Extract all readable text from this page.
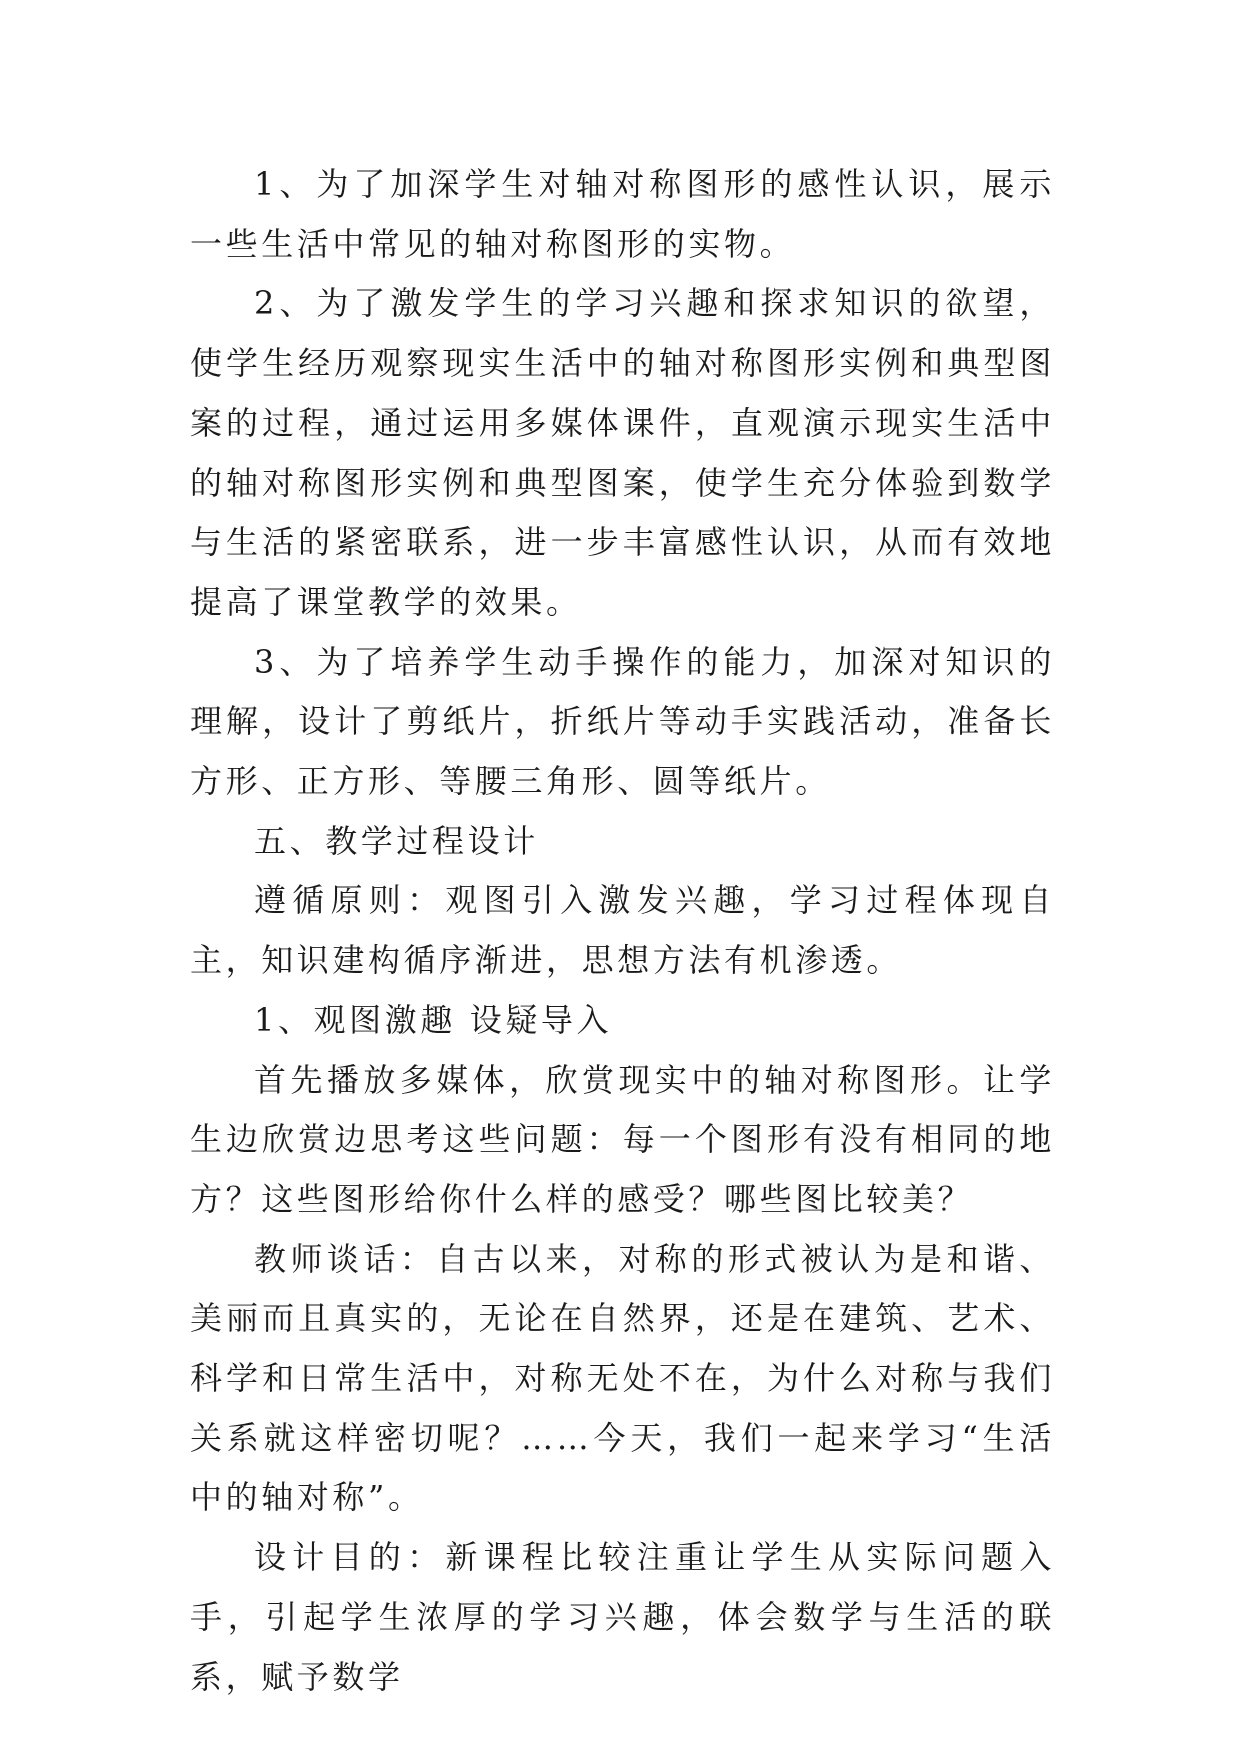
1、为了加深学生对轴对称图形的感性认识，展示一些生活中常见的轴对称图形的实物。

2、为了激发学生的学习兴趣和探求知识的欲望，使学生经历观察现实生活中的轴对称图形实例和典型图案的过程，通过运用多媒体课件，直观演示现实生活中的轴对称图形实例和典型图案，使学生充分体验到数学与生活的紧密联系，进一步丰富感性认识，从而有效地提高了课堂教学的效果。

3、为了培养学生动手操作的能力，加深对知识的理解，设计了剪纸片，折纸片等动手实践活动，准备长方形、正方形、等腰三角形、圆等纸片。

五、教学过程设计

遵循原则：观图引入激发兴趣，学习过程体现自主，知识建构循序渐进，思想方法有机渗透。

1、观图激趣 设疑导入

首先播放多媒体，欣赏现实中的轴对称图形。让学生边欣赏边思考这些问题：每一个图形有没有相同的地方？这些图形给你什么样的感受？哪些图比较美？

教师谈话：自古以来，对称的形式被认为是和谐、美丽而且真实的，无论在自然界，还是在建筑、艺术、科学和日常生活中，对称无处不在，为什么对称与我们关系就这样密切呢？……今天，我们一起来学习“生活中的轴对称”。

设计目的：新课程比较注重让学生从实际问题入手，引起学生浓厚的学习兴趣，体会数学与生活的联系，赋予数学
